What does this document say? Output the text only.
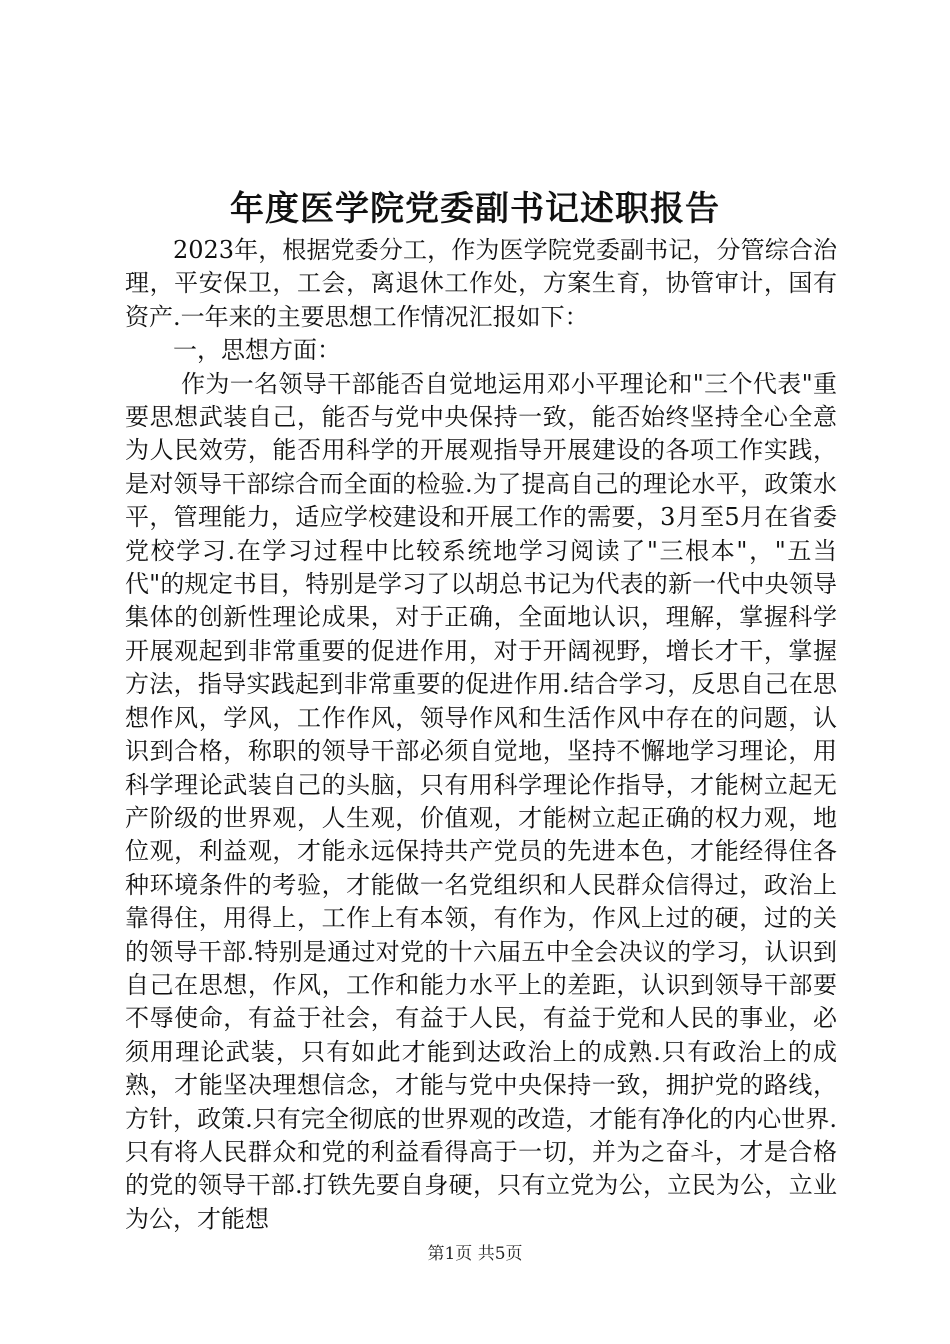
年度医学院党委副书记述职报告

2023年，根据党委分工，作为医学院党委副书记，分管综合治理，平安保卫，工会，离退休工作处，方案生育，协管审计，国有资产.一年来的主要思想工作情况汇报如下：

一，思想方面：

作为一名领导干部能否自觉地运用邓小平理论和"三个代表"重要思想武装自己，能否与党中央保持一致，能否始终坚持全心全意为人民效劳，能否用科学的开展观指导开展建设的各项工作实践，是对领导干部综合而全面的检验.为了提高自己的理论水平，政策水平，管理能力，适应学校建设和开展工作的需要，3月至5月在省委党校学习.在学习过程中比较系统地学习阅读了"三根本"，"五当代"的规定书目，特别是学习了以胡总书记为代表的新一代中央领导集体的创新性理论成果，对于正确，全面地认识，理解，掌握科学开展观起到非常重要的促进作用，对于开阔视野，增长才干，掌握方法，指导实践起到非常重要的促进作用.结合学习，反思自己在思想作风，学风，工作作风，领导作风和生活作风中存在的问题，认识到合格，称职的领导干部必须自觉地，坚持不懈地学习理论，用科学理论武装自己的头脑，只有用科学理论作指导，才能树立起无产阶级的世界观，人生观，价值观，才能树立起正确的权力观，地位观，利益观，才能永远保持共产党员的先进本色，才能经得住各种环境条件的考验，才能做一名党组织和人民群众信得过，政治上靠得住，用得上，工作上有本领，有作为，作风上过的硬，过的关的领导干部.特别是通过对党的十六届五中全会决议的学习，认识到自己在思想，作风，工作和能力水平上的差距，认识到领导干部要不辱使命，有益于社会，有益于人民，有益于党和人民的事业，必须用理论武装，只有如此才能到达政治上的成熟.只有政治上的成熟，才能坚决理想信念，才能与党中央保持一致，拥护党的路线，方针，政策.只有完全彻底的世界观的改造，才能有净化的内心世界.只有将人民群众和党的利益看得高于一切，并为之奋斗，才是合格的党的领导干部.打铁先要自身硬，只有立党为公，立民为公，立业为公，才能想

第1页 共5页
